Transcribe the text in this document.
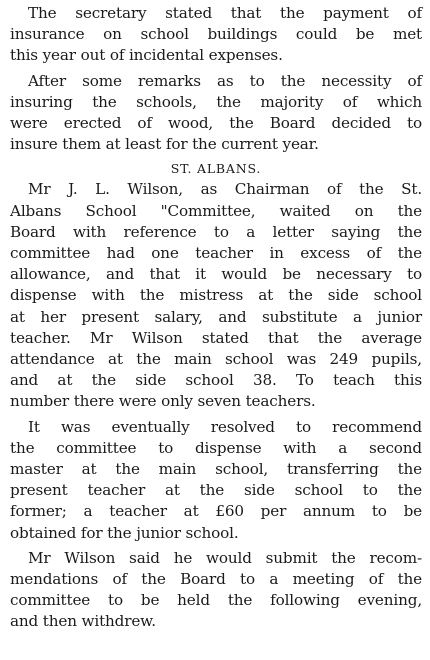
The secretary stated that the payment of
insurance on school buildings could be met
this year out of incidental expenses.

After some remarks as to the necessity of
insuring the schools, the majority of which
were erected of wood, the Board decided to
insure them at least for the current year.

ST. ALBANS.

Mr J. L. Wilson, as Chairman of the St.
Albans School "Committee, waited on the
Board with reference to a letter saying the
committee had one teacher in excess of the
allowance, and that it would be necessary to
dispense with the mistress at the side school
at her present salary, and substitute a junior
teacher. Mr Wilson stated that the average
attendance at the main school was 249 pupils,
and at the side school 38. To teach this
number there were only seven teachers.

It was eventually resolved to recommend
the committee to dispense with a second
master at the main school, transferring the
present teacher at the side school to the
former; a teacher at £60 per annum to be
obtained for the junior school.

Mr Wilson said he would submit the recom-
mendations of the Board to a meeting of the
committee to be held the following evening,
and then withdrew.
